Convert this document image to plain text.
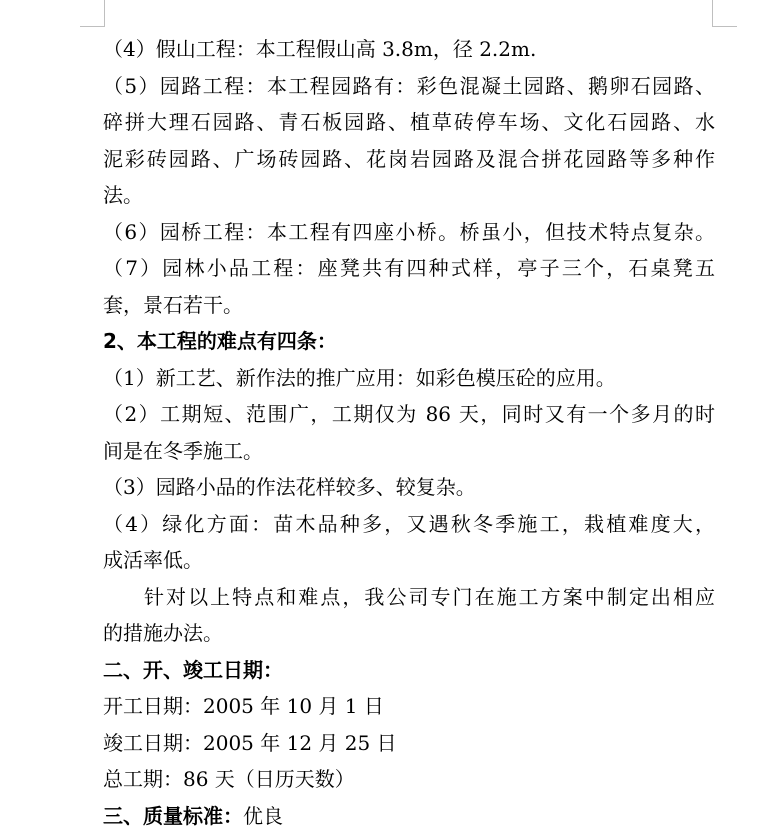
（4）假山工程：本工程假山高 3.8m，径 2.2m.
（5）园路工程：本工程园路有：彩色混凝土园路、鹅卵石园路、
碎拼大理石园路、青石板园路、植草砖停车场、文化石园路、水
泥彩砖园路、广场砖园路、花岗岩园路及混合拼花园路等多种作
法。
（6）园桥工程：本工程有四座小桥。桥虽小，但技术特点复杂。
（7）园林小品工程：座凳共有四种式样，亭子三个，石桌凳五
套，景石若干。
2、本工程的难点有四条：
（1）新工艺、新作法的推广应用：如彩色模压砼的应用。
（2）工期短、范围广，工期仅为 86 天，同时又有一个多月的时
间是在冬季施工。
（3）园路小品的作法花样较多、较复杂。
（4）绿化方面：苗木品种多，又遇秋冬季施工，栽植难度大，
成活率低。
针对以上特点和难点，我公司专门在施工方案中制定出相应
的措施办法。
二、开、竣工日期：
开工日期：2005 年 10 月 1 日
竣工日期：2005 年 12 月 25 日
总工期：86 天（日历天数）
三、质量标准：优良
